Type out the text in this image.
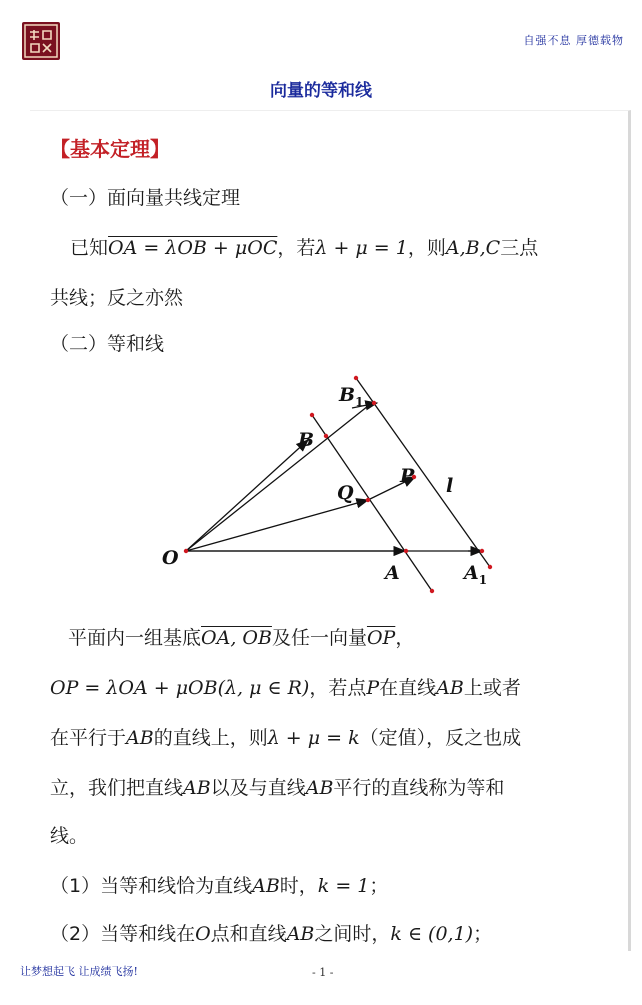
自强不息 厚德载物
向量的等和线
【基本定理】
（一）面向量共线定理
已知OA = λOB + μOC，若λ + μ = 1，则A,B,C三点
共线；反之亦然
（二）等和线
平面内一组基底OA, OB及任一向量$\overline{OP}$，
OP = λOA + μOB(λ, μ ∈ R)，若点P在直线AB上或者
在平行于AB的直线上，则λ + μ = k（定值），反之也成
立，我们把直线AB以及与直线AB平行的直线称为等和
线。
（1）当等和线恰为直线AB时，k = 1；
（2）当等和线在O点和直线AB之间时，k ∈ (0,1)；
O
A	$A_1$
B
$B_1$
Q
P l
让梦想起飞 让成绩飞扬!	- 1 -
